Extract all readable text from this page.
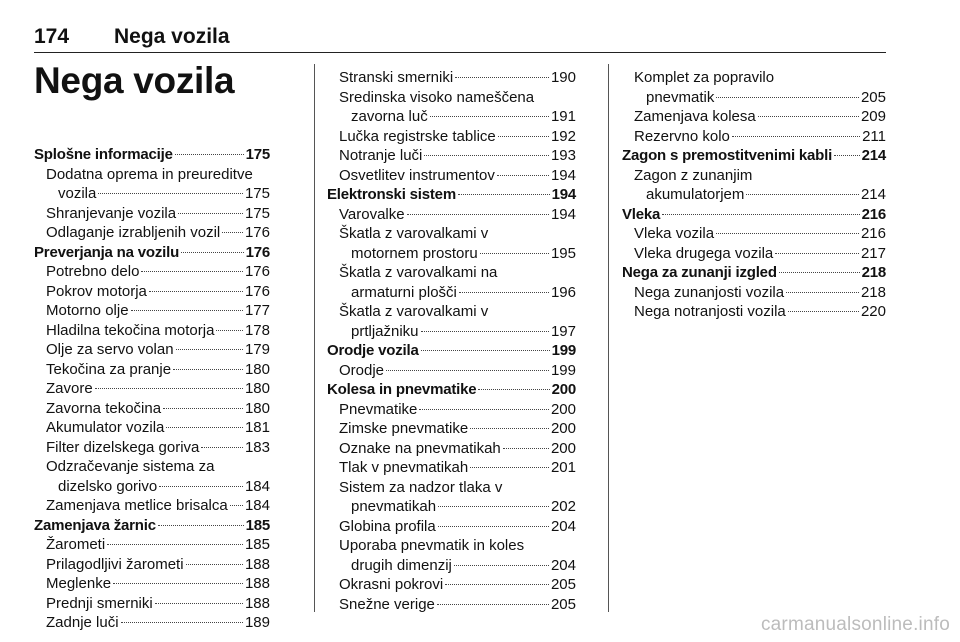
174 Nega vozila
Nega vozila
Splošne informacije	175
Dodatna oprema in preureditve
vozila	175
Shranjevanje vozila	175
Odlaganje izrabljenih vozil 176
Preverjanja na vozilu	176
Potrebno delo	176
Pokrov motorja	176
Motorno olje	177
Hladilna tekočina motorja 178
Olje za servo volan	179
Tekočina za pranje	180
Zavore	180
Zavorna tekočina	180
Akumulator vozila	181
Filter dizelskega goriva	183
Odzračevanje sistema za
dizelsko gorivo	184
Zamenjava metlice brisalca 184
Zamenjava žarnic	185
Žarometi	185
Prilagodljivi žarometi	188
Meglenke	188
Prednji smerniki	188
Zadnje luči	189
Stranski smerniki	190
Sredinska visoko nameščena
zavorna luč	191
Lučka registrske tablice	192
Notranje luči	193
Osvetlitev instrumentov	194
Elektronski sistem	194
Varovalke	194
Škatla z varovalkami v
motornem prostoru	195
Škatla z varovalkami na
armaturni plošči	196
Škatla z varovalkami v
prtljažniku	197
Orodje vozila	199
Orodje	199
Kolesa in pnevmatike	200
Pnevmatike	200
Zimske pnevmatike	200
Oznake na pnevmatikah	200
Tlak v pnevmatikah	201
Sistem za nadzor tlaka v
pnevmatikah	202
Globina profila	204
Uporaba pnevmatik in koles
drugih dimenzij	204
Okrasni pokrovi	205
Snežne verige	205
Komplet za popravilo
pnevmatik	205
Zamenjava kolesa	209
Rezervno kolo	211
Zagon s premostitvenimi kabli 214
Zagon z zunanjim
akumulatorjem	214
Vleka	216
Vleka vozila	216
Vleka drugega vozila	217
Nega za zunanji izgled	218
Nega zunanjosti vozila	218
Nega notranjosti vozila	220
carmanualsonline.info
